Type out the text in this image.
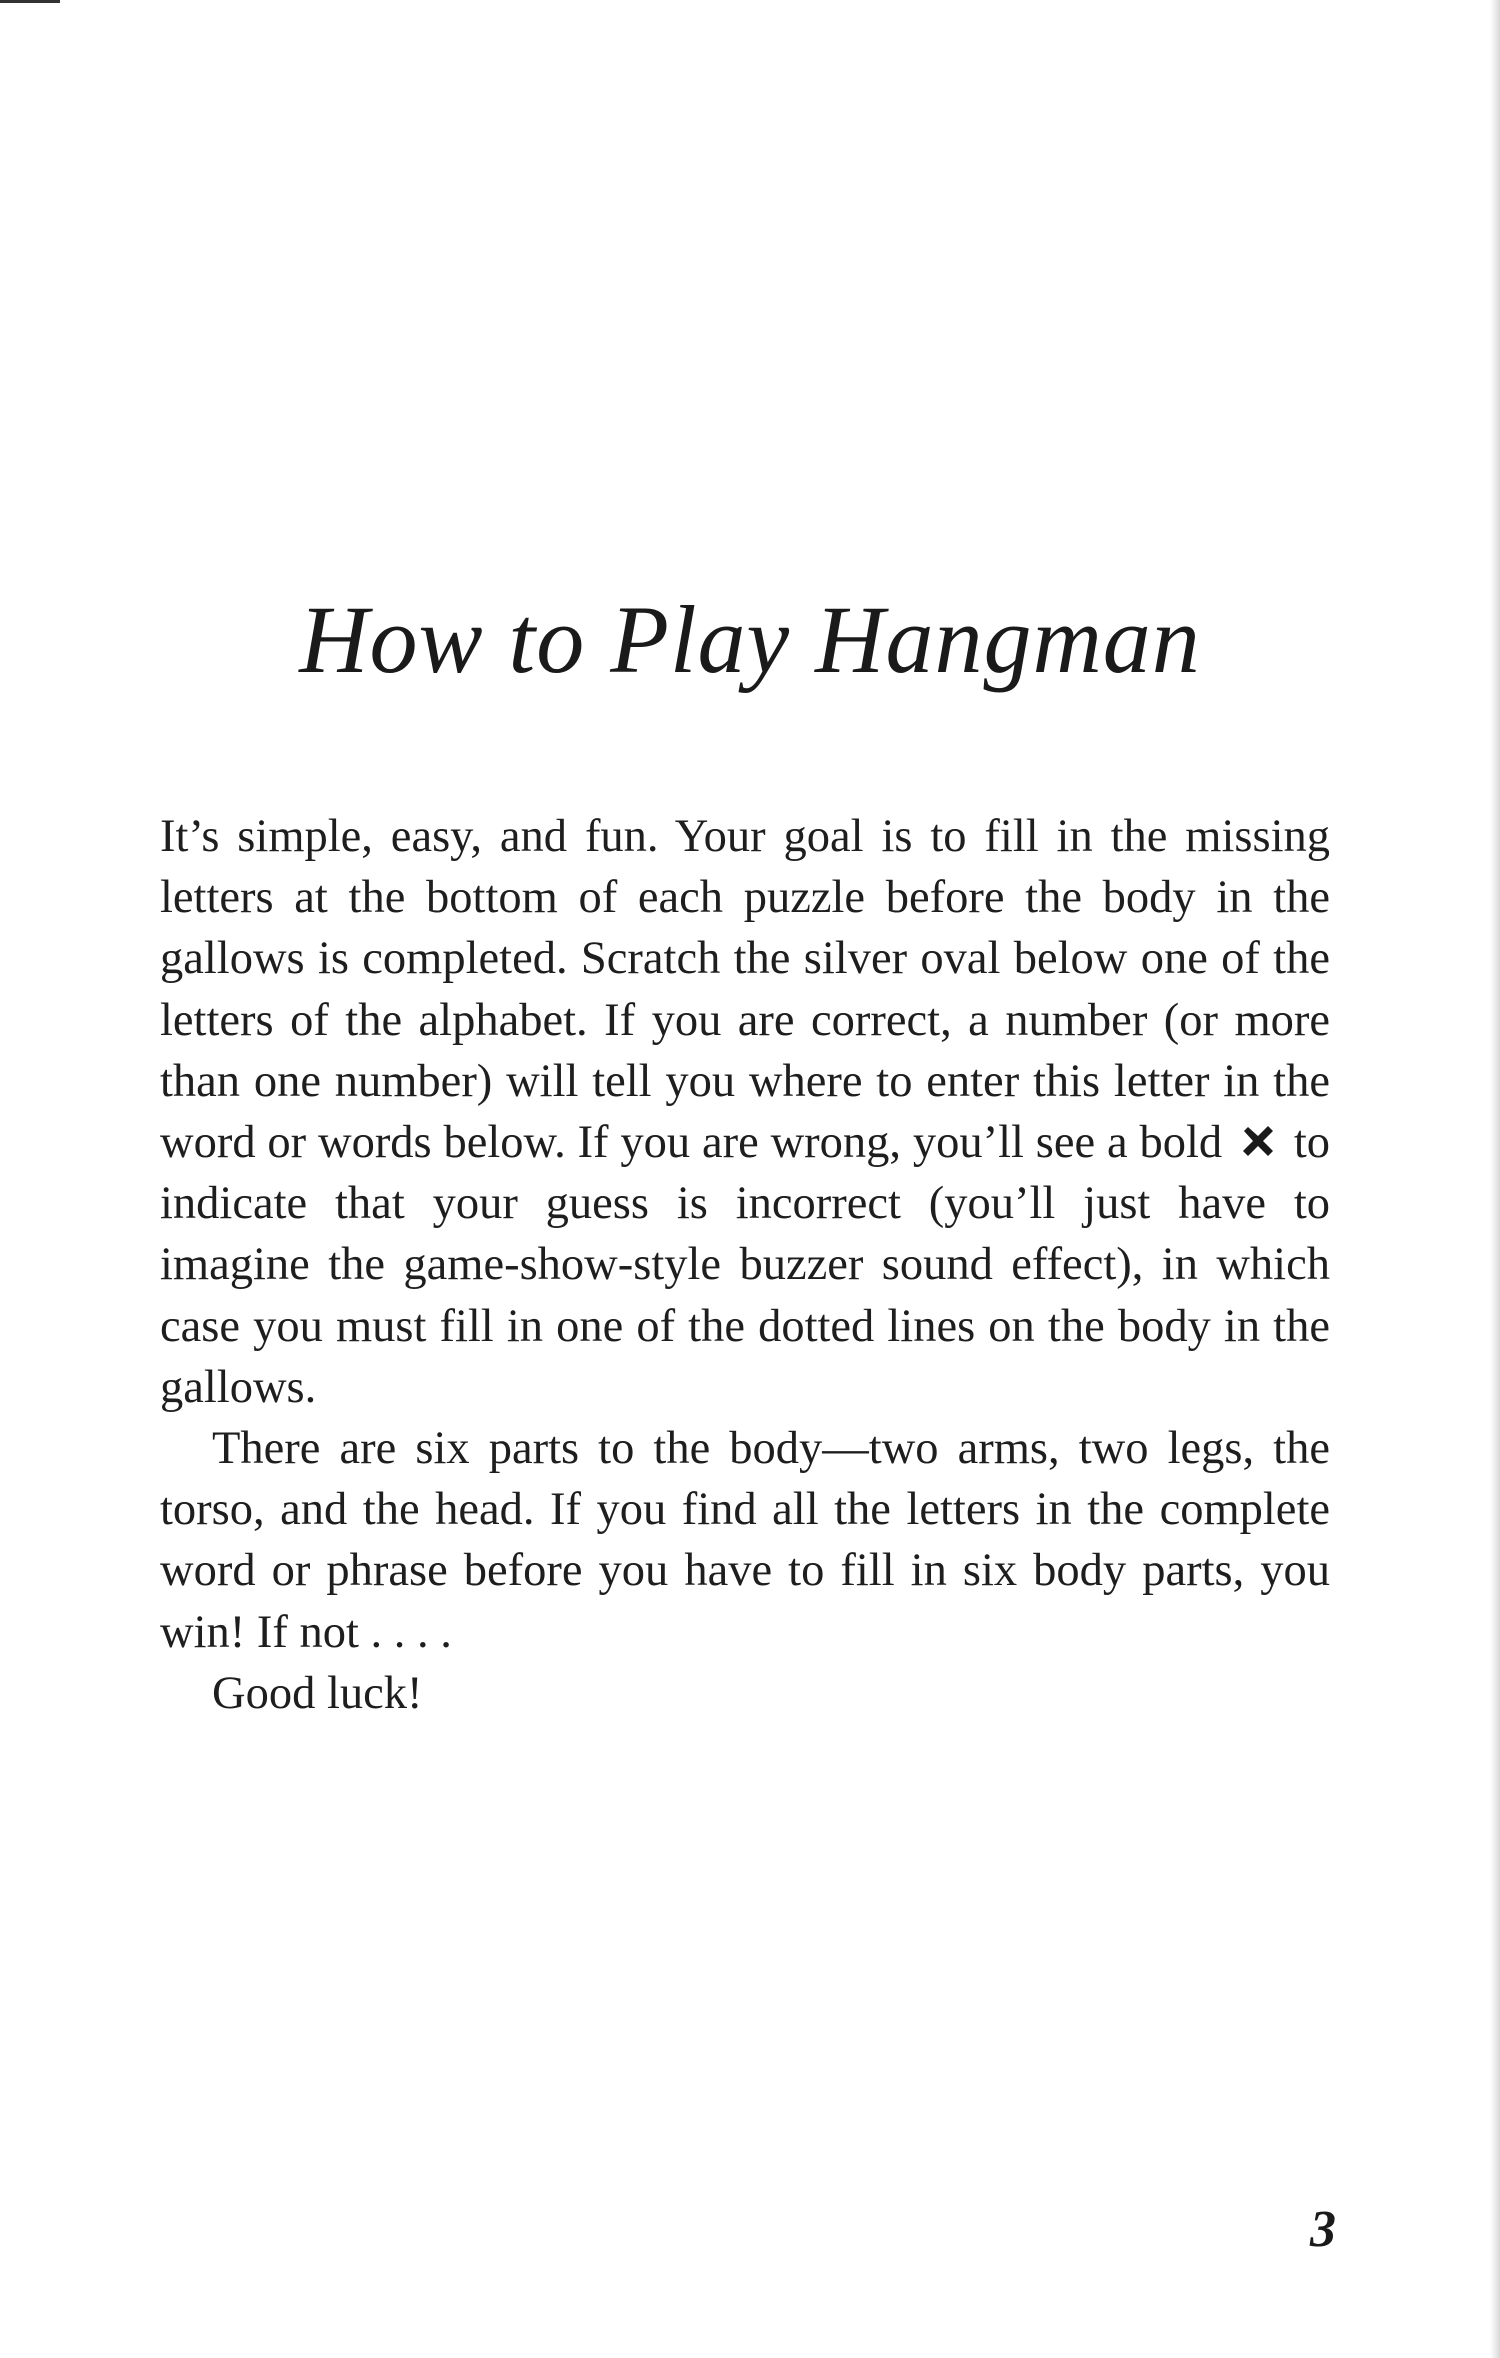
How to Play Hangman

It’s simple, easy, and fun. Your goal is to fill in the missing letters at the bottom of each puzzle before the body in the gallows is completed. Scratch the silver oval below one of the letters of the alphabet. If you are correct, a number (or more than one number) will tell you where to enter this letter in the word or words below. If you are wrong, you’ll see a bold to indicate that your guess is incorrect (you’ll just have to imagine the game-show-style buzzer sound effect), in which case you must fill in one of the dotted lines on the body in the gallows.

There are six parts to the body—two arms, two legs, the torso, and the head. If you find all the letters in the complete word or phrase before you have to fill in six body parts, you win! If not . . . .

Good luck!

3
